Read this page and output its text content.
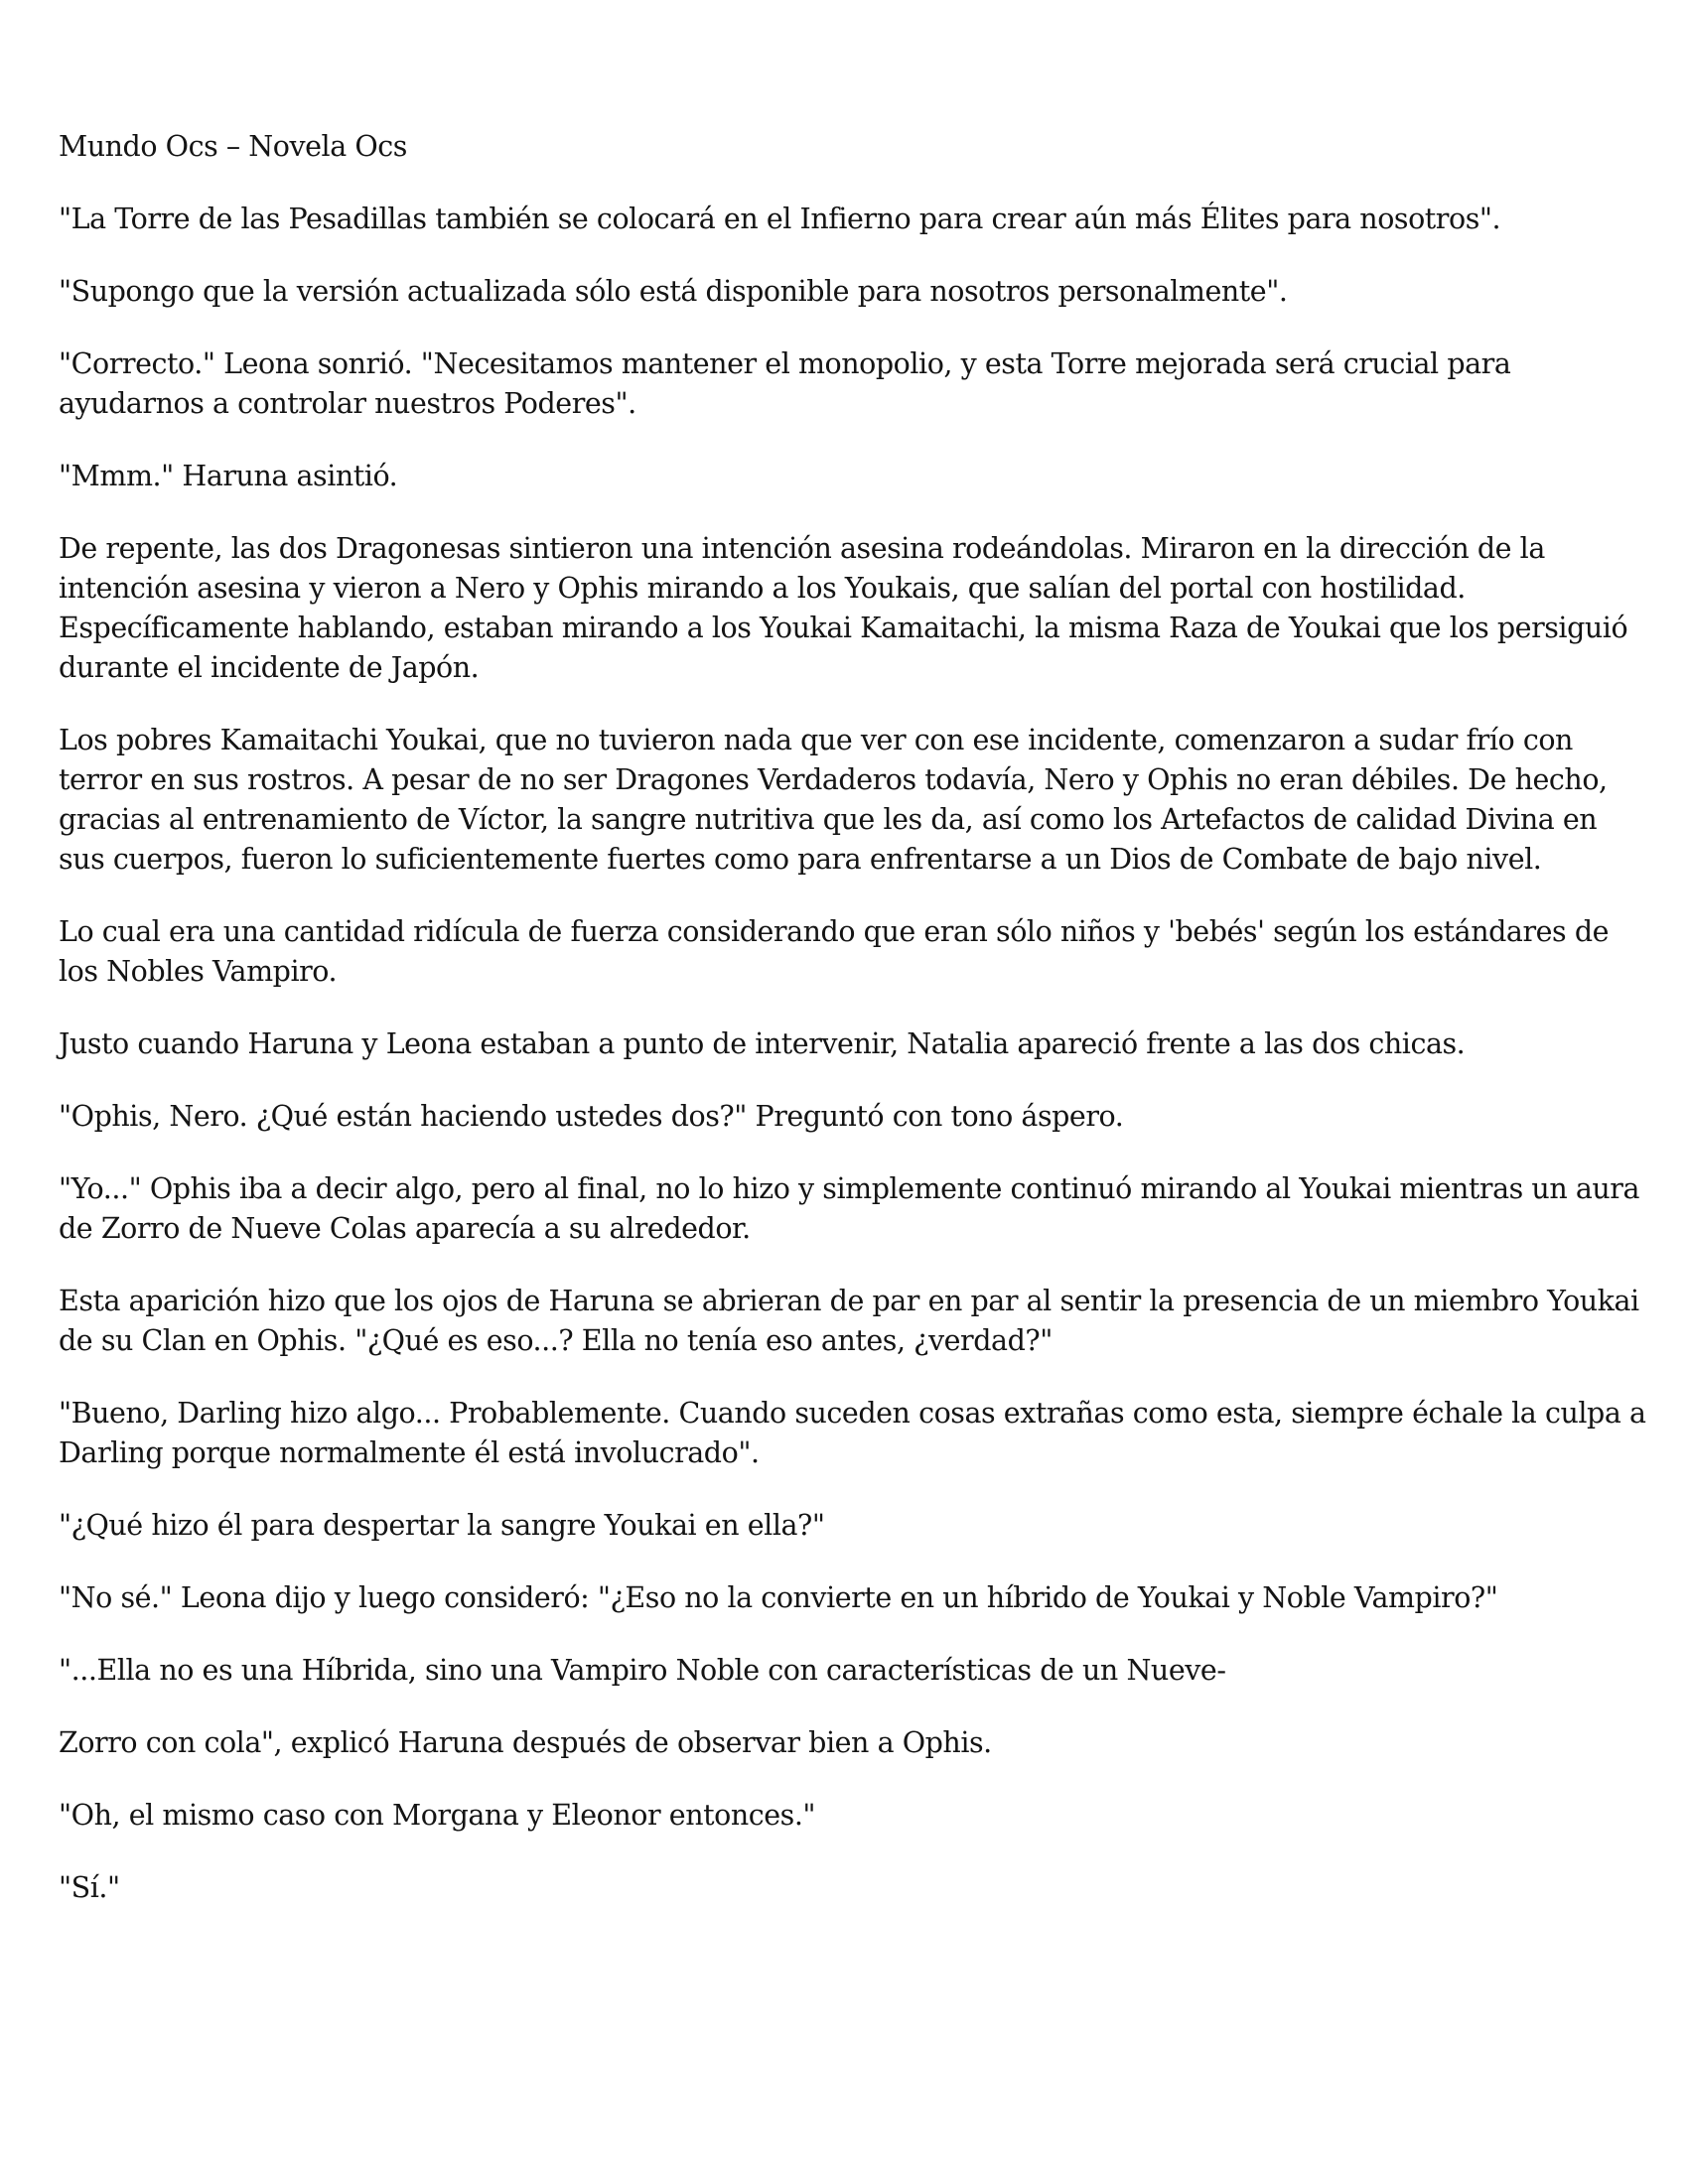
Mundo Ocs – Novela Ocs

"La Torre de las Pesadillas también se colocará en el Infierno para crear aún más Élites para nosotros".

"Supongo que la versión actualizada sólo está disponible para nosotros personalmente".

"Correcto." Leona sonrió. "Necesitamos mantener el monopolio, y esta Torre mejorada será crucial para ayudarnos a controlar nuestros Poderes".

"Mmm." Haruna asintió.

De repente, las dos Dragonesas sintieron una intención asesina rodeándolas. Miraron en la dirección de la intención asesina y vieron a Nero y Ophis mirando a los Youkais, que salían del portal con hostilidad. Específicamente hablando, estaban mirando a los Youkai Kamaitachi, la misma Raza de Youkai que los persiguió durante el incidente de Japón.

Los pobres Kamaitachi Youkai, que no tuvieron nada que ver con ese incidente, comenzaron a sudar frío con terror en sus rostros. A pesar de no ser Dragones Verdaderos todavía, Nero y Ophis no eran débiles. De hecho, gracias al entrenamiento de Víctor, la sangre nutritiva que les da, así como los Artefactos de calidad Divina en sus cuerpos, fueron lo suficientemente fuertes como para enfrentarse a un Dios de Combate de bajo nivel.

Lo cual era una cantidad ridícula de fuerza considerando que eran sólo niños y 'bebés' según los estándares de los Nobles Vampiro.

Justo cuando Haruna y Leona estaban a punto de intervenir, Natalia apareció frente a las dos chicas.

"Ophis, Nero. ¿Qué están haciendo ustedes dos?" Preguntó con tono áspero.

"Yo..." Ophis iba a decir algo, pero al final, no lo hizo y simplemente continuó mirando al Youkai mientras un aura de Zorro de Nueve Colas aparecía a su alrededor.

Esta aparición hizo que los ojos de Haruna se abrieran de par en par al sentir la presencia de un miembro Youkai de su Clan en Ophis. "¿Qué es eso...? Ella no tenía eso antes, ¿verdad?"

"Bueno, Darling hizo algo... Probablemente. Cuando suceden cosas extrañas como esta, siempre échale la culpa a Darling porque normalmente él está involucrado".

"¿Qué hizo él para despertar la sangre Youkai en ella?"

"No sé." Leona dijo y luego consideró: "¿Eso no la convierte en un híbrido de Youkai y Noble Vampiro?"

"...Ella no es una Híbrida, sino una Vampiro Noble con características de un Nueve-

Zorro con cola", explicó Haruna después de observar bien a Ophis.

"Oh, el mismo caso con Morgana y Eleonor entonces."

"Sí."
